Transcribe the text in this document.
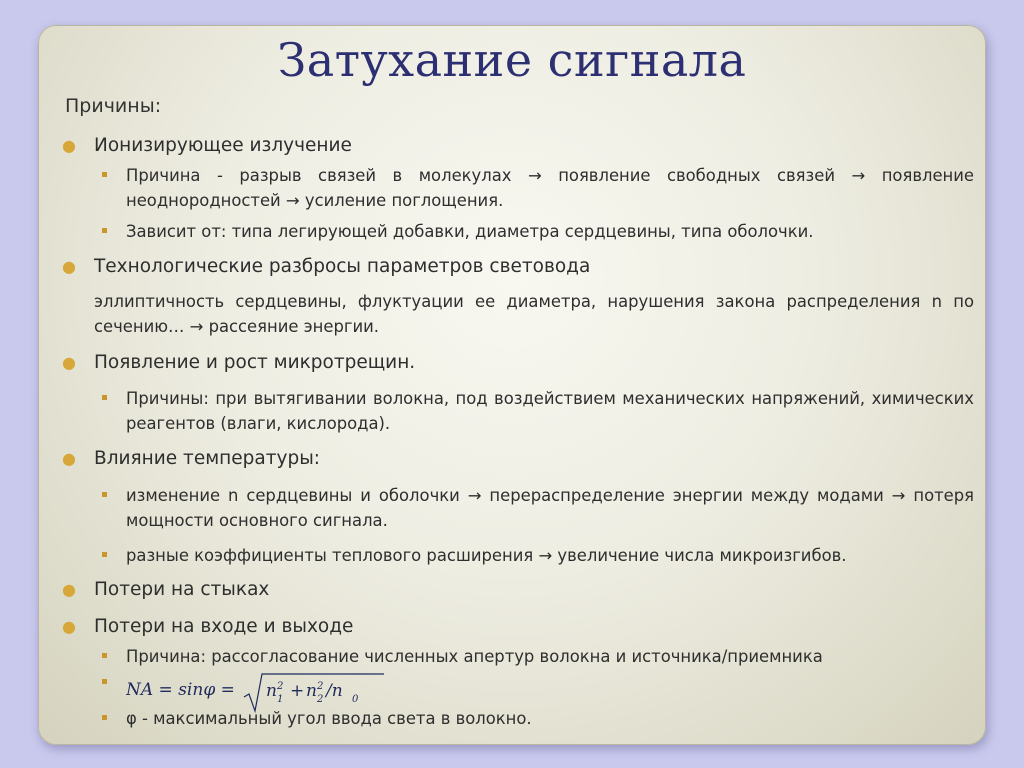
Затухание сигнала
Причины:
● Ионизирующее излучение
Причина - разрыв связей в молекулах → появление свободных связей → появление неоднородностей → усиление поглощения.
Зависит от: типа легирующей добавки, диаметра сердцевины, типа оболочки.
● Технологические разбросы параметров световода
эллиптичность сердцевины, флуктуации ее диаметра, нарушения закона распределения n по сечению… → рассеяние энергии.
● Появление и рост микротрещин.
Причины: при вытягивании волокна, под воздействием механических напряжений, химических реагентов (влаги, кислорода).
● Влияние температуры:
изменение n сердцевины и оболочки → перераспределение энергии между модами → потеря мощности основного сигнала.
разные коэффициенты теплового расширения → увеличение числа микроизгибов.
● Потери на стыках
● Потери на входе и выходе
Причина: рассогласование численных апертур волокна и источника/приемника

φ - максимальный угол ввода света в волокно.
NA = sinφ = n 2
1 + n 2
2 /n 0
